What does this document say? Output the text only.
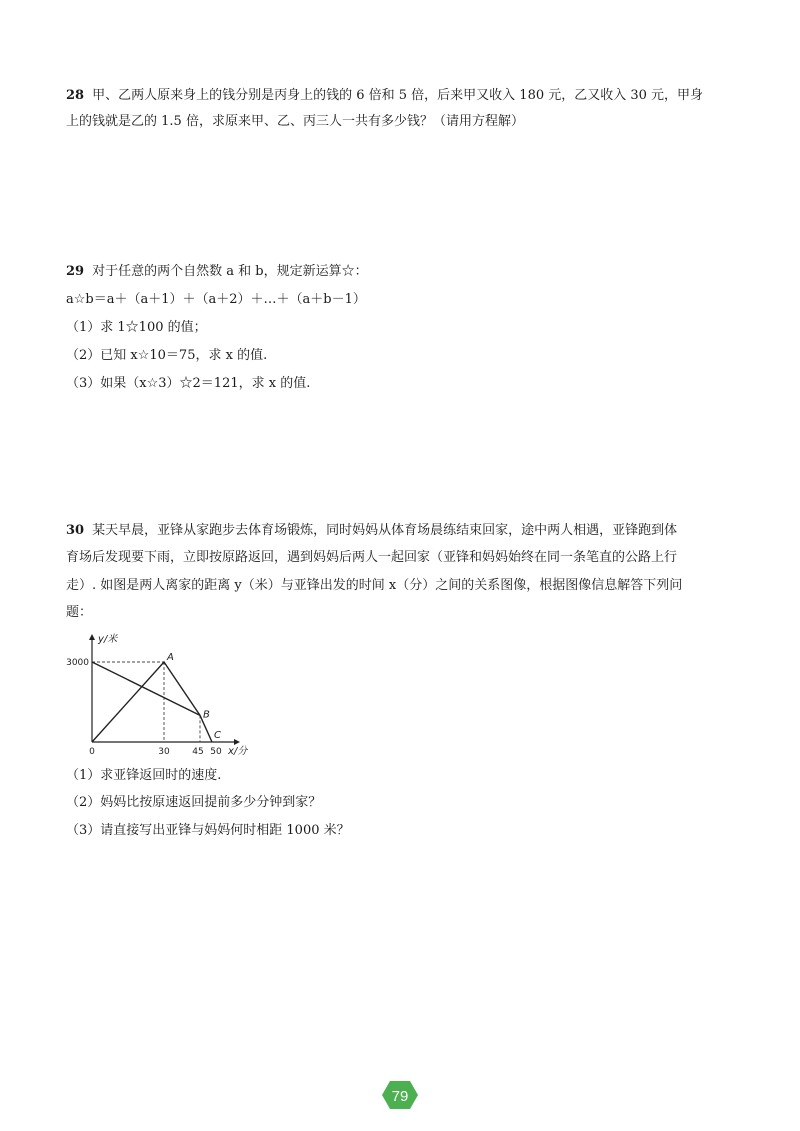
28 甲、乙两人原来身上的钱分别是丙身上的钱的 6 倍和 5 倍，后来甲又收入 180 元，乙又收入 30 元，甲身
上的钱就是乙的 1.5 倍，求原来甲、乙、丙三人一共有多少钱？（请用方程解）
29 对于任意的两个自然数 a 和 b，规定新运算☆：
a☆b＝a＋（a＋1）＋（a＋2）＋…＋（a＋b－1）
（1）求 1☆100 的值；
（2）已知 x☆10＝75，求 x 的值.
（3）如果（x☆3）☆2＝121，求 x 的值.
30 某天早晨，亚锋从家跑步去体育场锻炼，同时妈妈从体育场晨练结束回家，途中两人相遇，亚锋跑到体
育场后发现要下雨，立即按原路返回，遇到妈妈后两人一起回家（亚锋和妈妈始终在同一条笔直的公路上行
走）. 如图是两人离家的距离 y（米）与亚锋出发的时间 x（分）之间的关系图像，根据图像信息解答下列问
题：
0	30	45 50
3000
x/分
y/米
A
B
C
（1）求亚锋返回时的速度.
（2）妈妈比按原速返回提前多少分钟到家？
（3）请直接写出亚锋与妈妈何时相距 1000 米？
79
